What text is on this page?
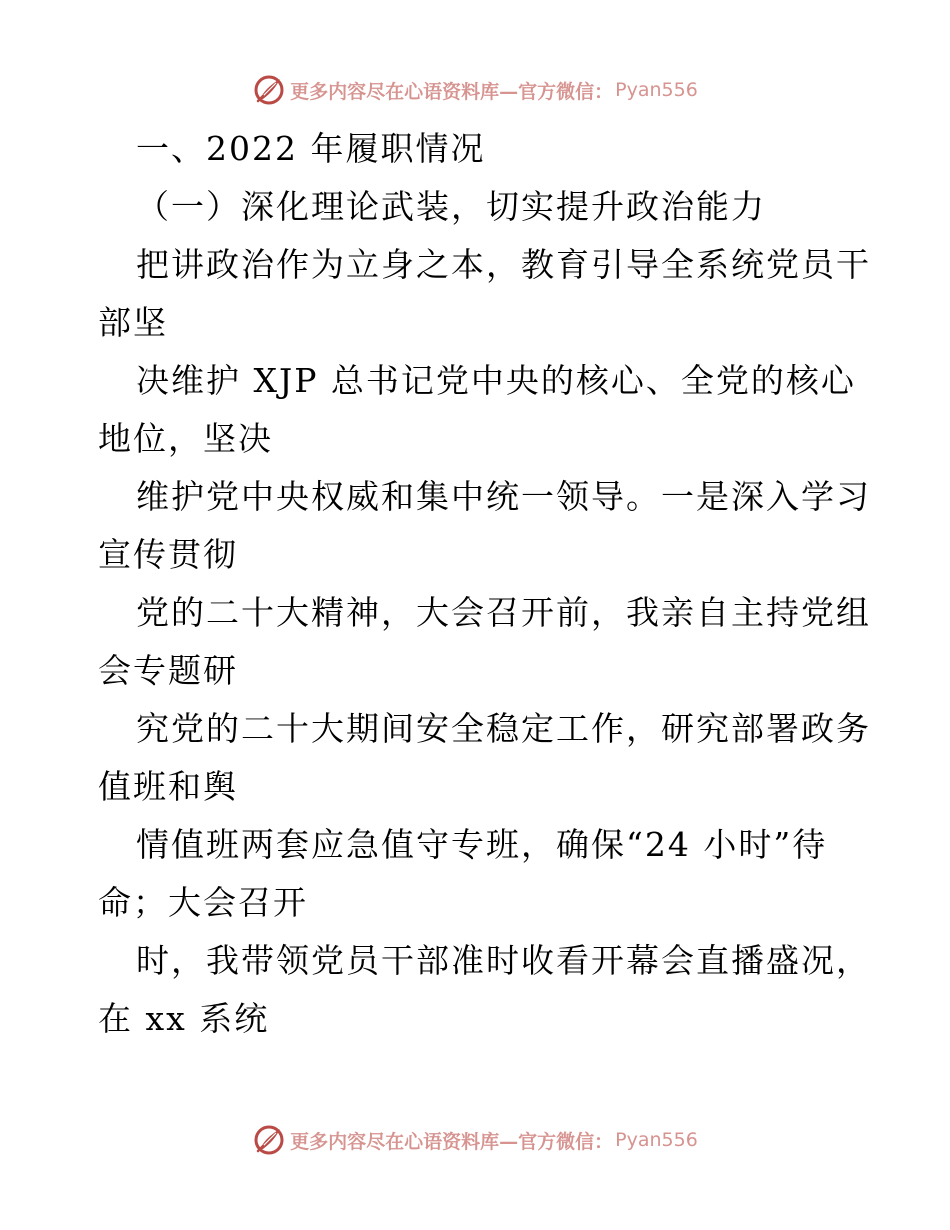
更多内容尽在心语资料库—官方微信： Pyan556
一、2022 年履职情况
（一）深化理论武装，切实提升政治能力
把讲政治作为立身之本，教育引导全系统党员干
部坚
决维护 XJP 总书记党中央的核心、全党的核心
地位，坚决
维护党中央权威和集中统一领导。一是深入学习
宣传贯彻
党的二十大精神，大会召开前，我亲自主持党组
会专题研
究党的二十大期间安全稳定工作，研究部署政务
值班和舆
情值班两套应急值守专班，确保“24 小时”待
命；大会召开
时，我带领党员干部准时收看开幕会直播盛况，
在 xx 系统
更多内容尽在心语资料库—官方微信： Pyan556
